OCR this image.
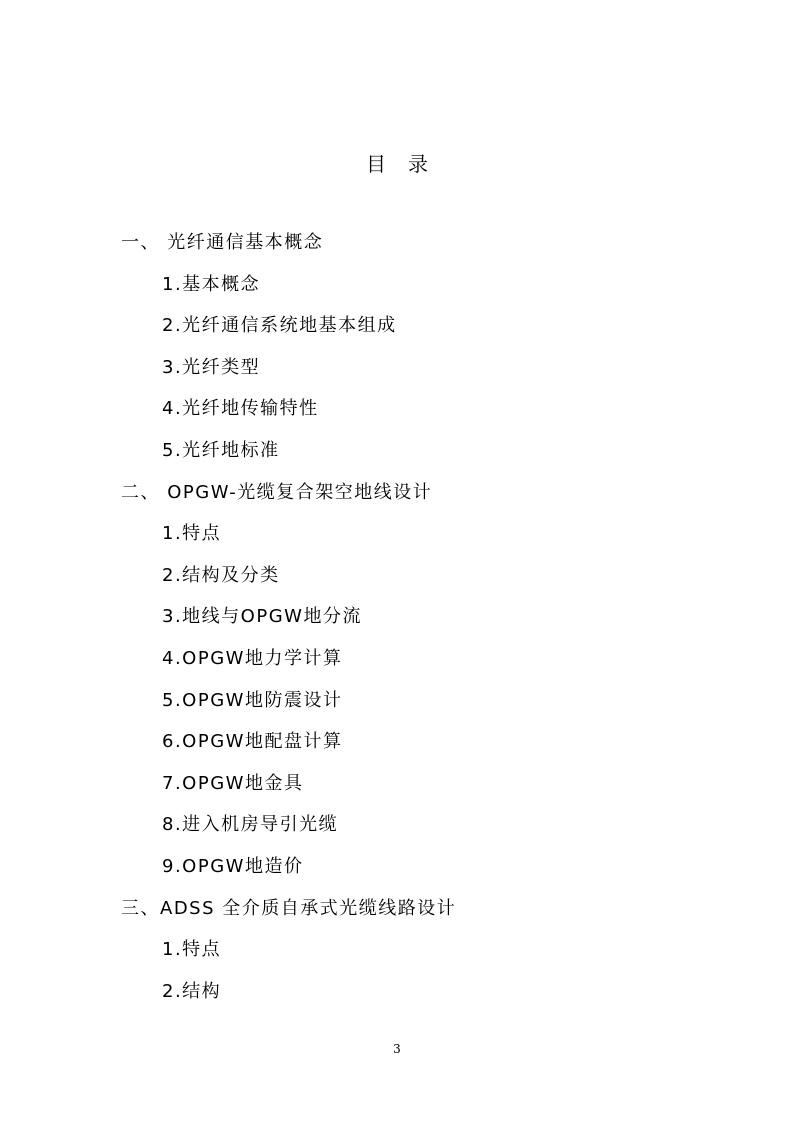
目 录
一、 光纤通信基本概念
1.基本概念
2.光纤通信系统地基本组成
3.光纤类型
4.光纤地传输特性
5.光纤地标准
二、 OPGW-光缆复合架空地线设计
1.特点
2.结构及分类
3.地线与OPGW地分流
4.OPGW地力学计算
5.OPGW地防震设计
6.OPGW地配盘计算
7.OPGW地金具
8.进入机房导引光缆
9.OPGW地造价
三、ADSS 全介质自承式光缆线路设计
1.特点
2.结构
3
